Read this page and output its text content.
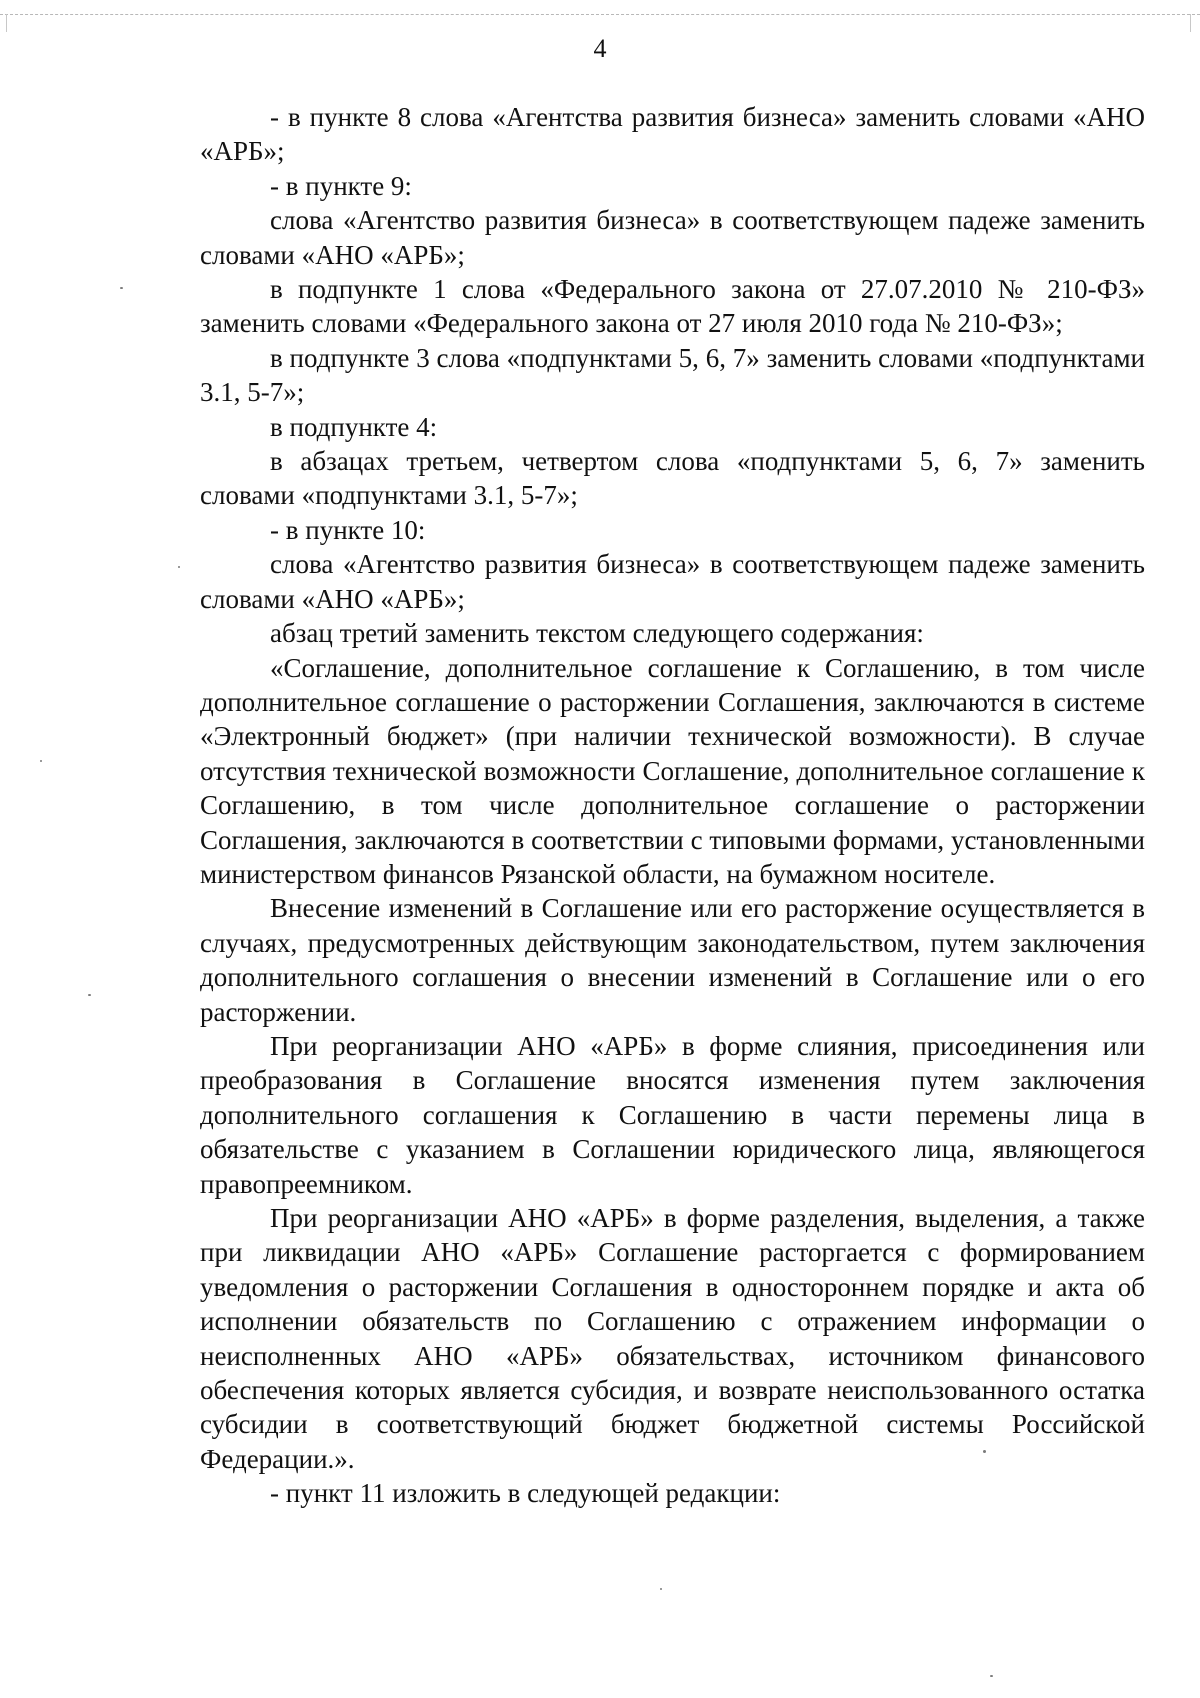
4

- в пункте 8 слова «Агентства развития бизнеса» заменить словами «АНО «АРБ»;

- в пункте 9:

слова «Агентство развития бизнеса» в соответствующем падеже заменить словами «АНО «АРБ»;

в подпункте 1 слова «Федерального закона от 27.07.2010 № 210-ФЗ» заменить словами «Федерального закона от 27 июля 2010 года № 210-ФЗ»;

в подпункте 3 слова «подпунктами 5, 6, 7» заменить словами «подпунктами 3.1, 5-7»;

в подпункте 4:

в абзацах третьем, четвертом слова «подпунктами 5, 6, 7» заменить словами «подпунктами 3.1, 5-7»;

- в пункте 10:

слова «Агентство развития бизнеса» в соответствующем падеже заменить словами «АНО «АРБ»;

абзац третий заменить текстом следующего содержания:

«Соглашение, дополнительное соглашение к Соглашению, в том числе дополнительное соглашение о расторжении Соглашения, заключаются в системе «Электронный бюджет» (при наличии технической возможности). В случае отсутствия технической возможности Соглашение, дополнительное соглашение к Соглашению, в том числе дополнительное соглашение о расторжении Соглашения, заключаются в соответствии с типовыми формами, установленными министерством финансов Рязанской области, на бумажном носителе.

Внесение изменений в Соглашение или его расторжение осуществляется в случаях, предусмотренных действующим законодательством, путем заключения дополнительного соглашения о внесении изменений в Соглашение или о его расторжении.

При реорганизации АНО «АРБ» в форме слияния, присоединения или преобразования в Соглашение вносятся изменения путем заключения дополнительного соглашения к Соглашению в части перемены лица в обязательстве с указанием в Соглашении юридического лица, являющегося правопреемником.

При реорганизации АНО «АРБ» в форме разделения, выделения, а также при ликвидации АНО «АРБ» Соглашение расторгается с формированием уведомления о расторжении Соглашения в одностороннем порядке и акта об исполнении обязательств по Соглашению с отражением информации о неисполненных АНО «АРБ» обязательствах, источником финансового обеспечения которых является субсидия, и возврате неиспользованного остатка субсидии в соответствующий бюджет бюджетной системы Российской Федерации.».

- пункт 11 изложить в следующей редакции:
